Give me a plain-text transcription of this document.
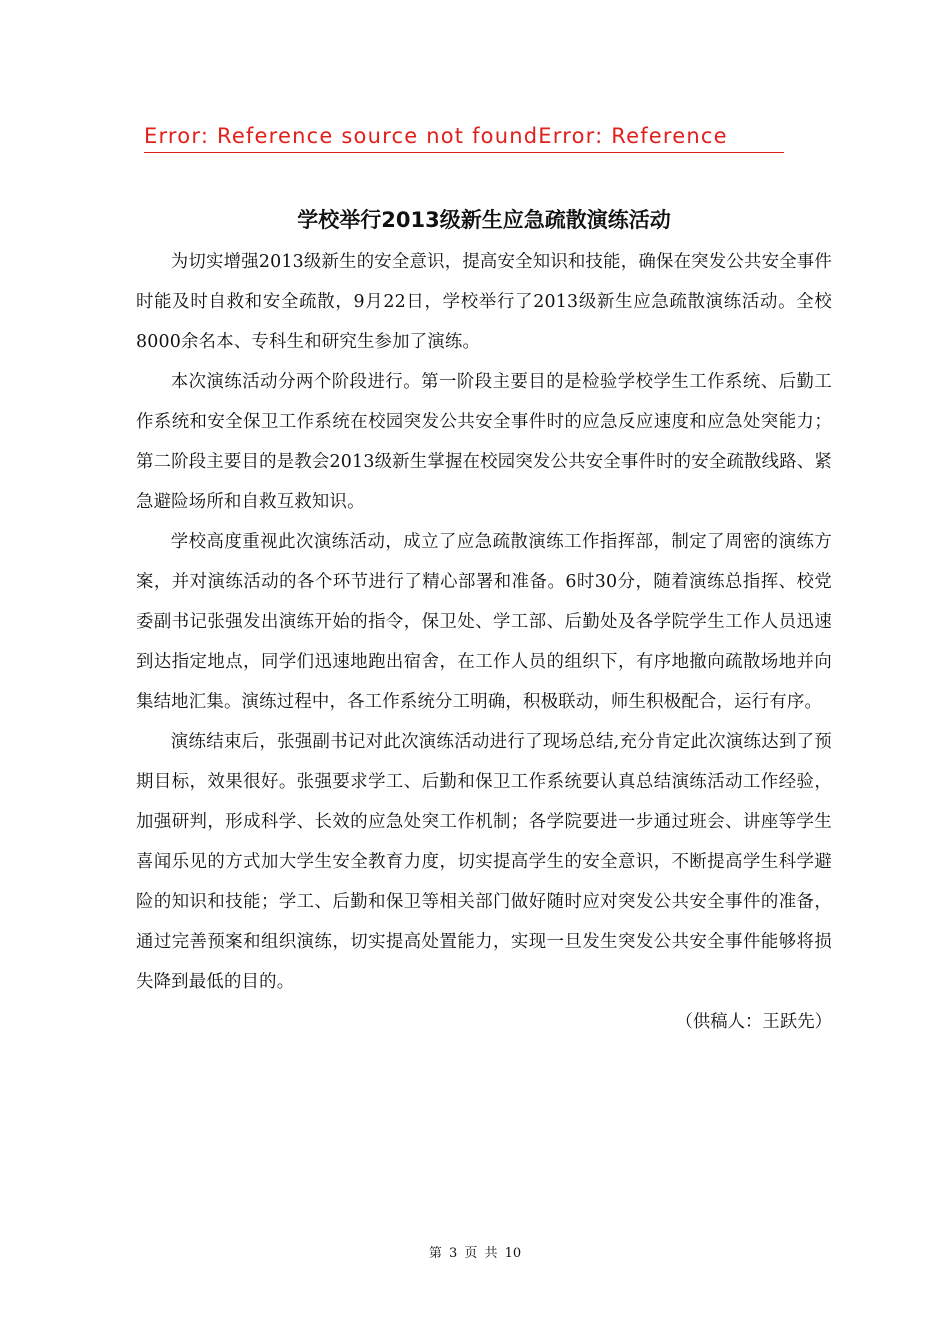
Error: Reference source not foundError: Reference
学校举行2013级新生应急疏散演练活动

为切实增强2013级新生的安全意识，提高安全知识和技能，确保在突发公共安全事件时能及时自救和安全疏散，9月22日，学校举行了2013级新生应急疏散演练活动。全校8000余名本、专科生和研究生参加了演练。

本次演练活动分两个阶段进行。第一阶段主要目的是检验学校学生工作系统、后勤工作系统和安全保卫工作系统在校园突发公共安全事件时的应急反应速度和应急处突能力；第二阶段主要目的是教会2013级新生掌握在校园突发公共安全事件时的安全疏散线路、紧急避险场所和自救互救知识。

学校高度重视此次演练活动，成立了应急疏散演练工作指挥部，制定了周密的演练方案，并对演练活动的各个环节进行了精心部署和准备。6时30分，随着演练总指挥、校党委副书记张强发出演练开始的指令，保卫处、学工部、后勤处及各学院学生工作人员迅速到达指定地点，同学们迅速地跑出宿舍，在工作人员的组织下，有序地撤向疏散场地并向集结地汇集。演练过程中，各工作系统分工明确，积极联动，师生积极配合，运行有序。

演练结束后，张强副书记对此次演练活动进行了现场总结,充分肯定此次演练达到了预期目标，效果很好。张强要求学工、后勤和保卫工作系统要认真总结演练活动工作经验，加强研判，形成科学、长效的应急处突工作机制；各学院要进一步通过班会、讲座等学生喜闻乐见的方式加大学生安全教育力度，切实提高学生的安全意识，不断提高学生科学避险的知识和技能；学工、后勤和保卫等相关部门做好随时应对突发公共安全事件的准备，通过完善预案和组织演练，切实提高处置能力，实现一旦发生突发公共安全事件能够将损失降到最低的目的。

（供稿人：王跃先）

第 3 页 共 10
